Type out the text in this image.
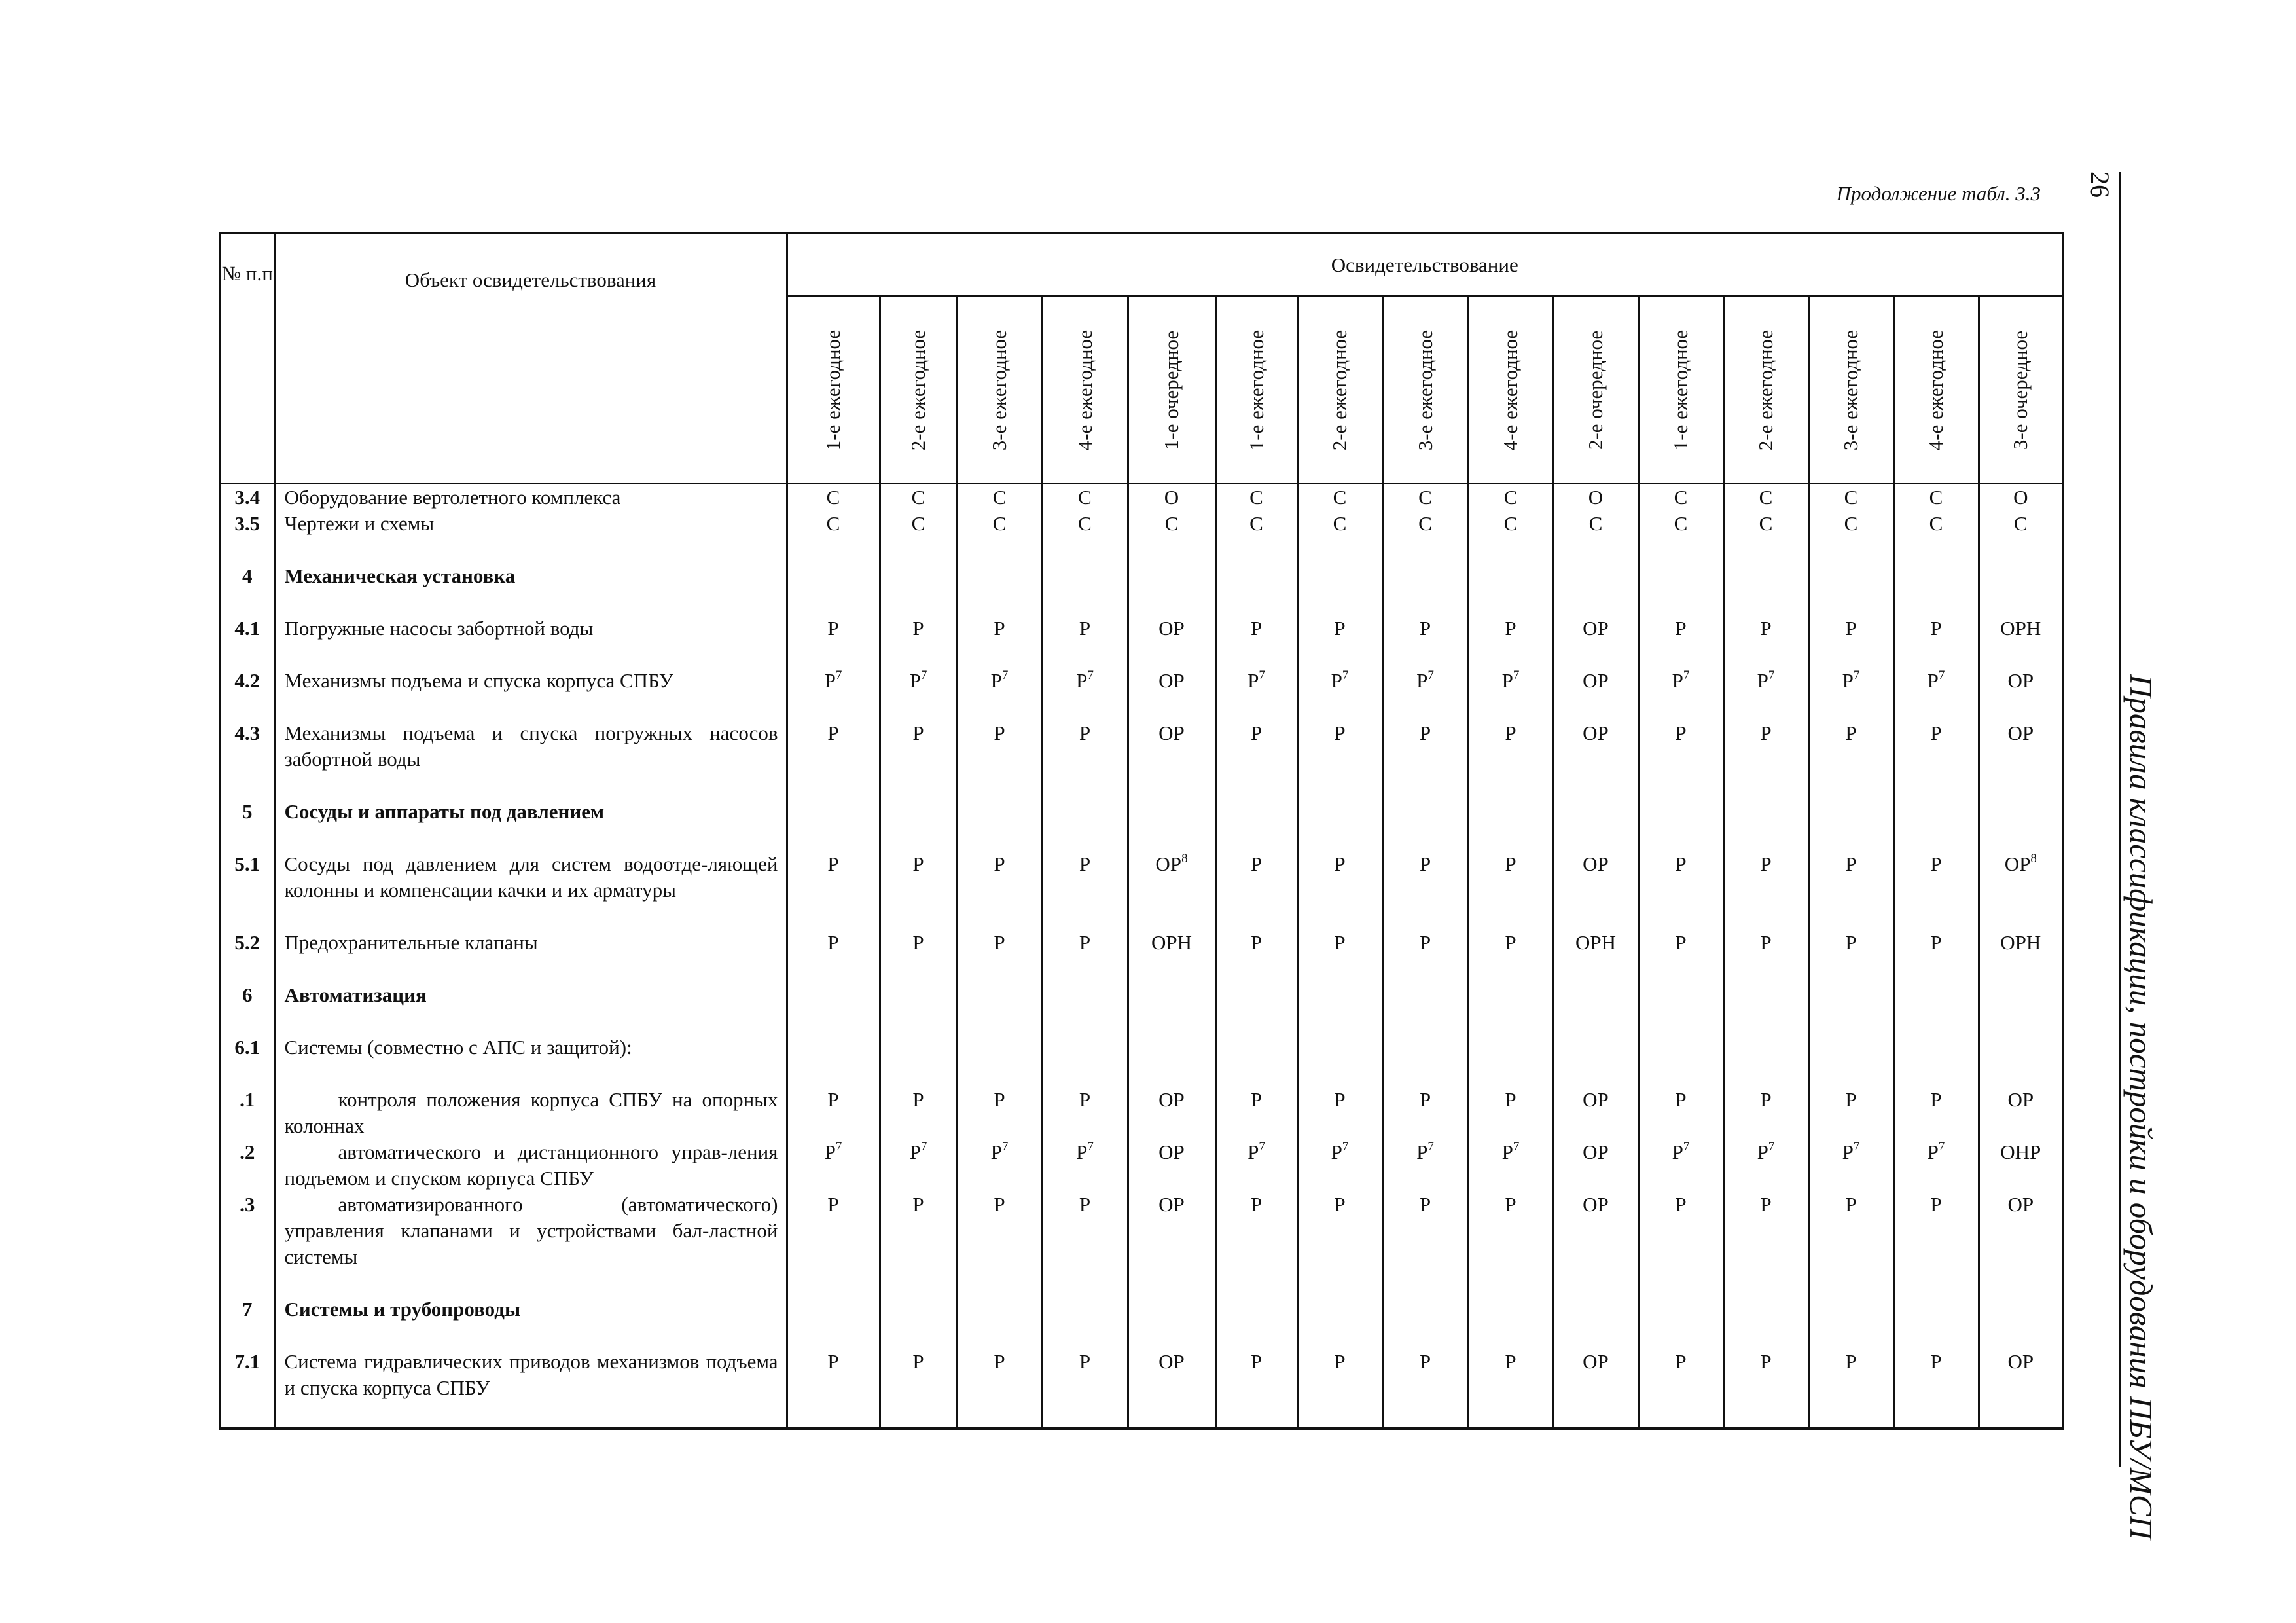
Продолжение табл. 3.3 26
Правила классификации, постройки и оборудования ПБУ/МСП
№ п.п	Объект освидетельствования	Освидетельствование														

		1-е ежегодное	2-е ежегодное	3-е ежегодное	4-е ежегодное	1-е очередное	1-е ежегодное	2-е ежегодное	3-е ежегодное	4-е ежегодное	2-е очередное	1-е ежегодное	2-е ежегодное	3-е ежегодное	4-е ежегодное	3-е очередное

3.4	Оборудование вертолетного комплекса	С	С	С	С	О	С	С	С	С	О	С	С	С	С	О
3.5	Чертежи и схемы	С	С	С	С	С	С	С	С	С	С	С	С	С	С	С

4	Механическая установка															

4.1	Погружные насосы забортной воды	Р	Р	Р	Р	ОР	Р	Р	Р	Р	ОР	Р	Р	Р	Р	ОРН

4.2	Механизмы подъема и спуска корпуса СПБУ	$Р^7$	$Р^7$	$Р^7$	$Р^7$	ОР	$Р^7$	$Р^7$	$Р^7$	$Р^7$	ОР	$Р^7$	$Р^7$	$Р^7$	$Р^7$	ОР

4.3	Механизмы подъема и спуска погружных насосов забортной воды	Р	Р	Р	Р	ОР	Р	Р	Р	Р	ОР	Р	Р	Р	Р	ОР

5	Сосуды и аппараты под давлением															

5.1	Сосуды под давлением для систем водоотде-ляющей колонны и компенсации качки и их арматуры	Р	Р	Р	Р	$ОР^8$	Р	Р	Р	Р	ОР	Р	Р	Р	Р	$ОР^8$

5.2	Предохранительные клапаны	Р	Р	Р	Р	ОРН	Р	Р	Р	Р	ОРН	Р	Р	Р	Р	ОРН

6	Автоматизация															

6.1	Системы (совместно с АПС и защитой):															

.1	контроля положения корпуса СПБУ на опорных колоннах	Р	Р	Р	Р	ОР	Р	Р	Р	Р	ОР	Р	Р	Р	Р	ОР
.2	автоматического и дистанционного управ-ления подъемом и спуском корпуса СПБУ	$Р^7$	$Р^7$	$Р^7$	$Р^7$	ОР	$Р^7$	$Р^7$	$Р^7$	$Р^7$	ОР	$Р^7$	$Р^7$	$Р^7$	$Р^7$	ОНР
.3	автоматизированного (автоматического) управления клапанами и устройствами бал-ластной системы	Р	Р	Р	Р	ОР	Р	Р	Р	Р	ОР	Р	Р	Р	Р	ОР

7	Системы и трубопроводы															

7.1	Система гидравлических приводов механизмов подъема и спуска корпуса СПБУ	Р	Р	Р	Р	ОР	Р	Р	Р	Р	ОР	Р	Р	Р	Р	ОР
